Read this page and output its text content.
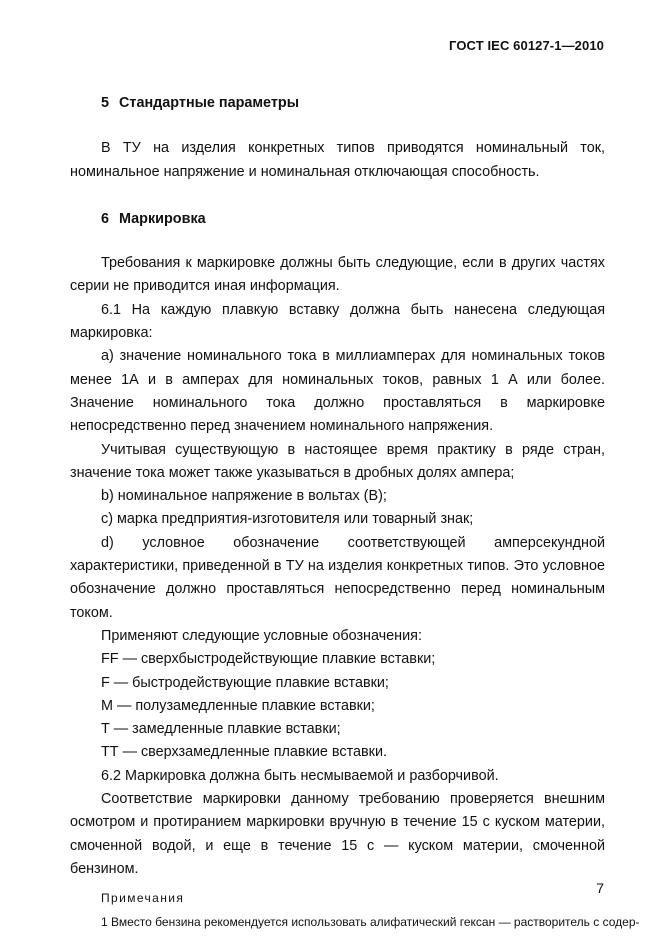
ГОСТ IEC 60127-1—2010
5 Стандартные параметры

В ТУ на изделия конкретных типов приводятся номинальный ток, номинальное напряжение и номинальная отключающая способность.

6 Маркировка

Требования к маркировке должны быть следующие, если в других частях серии не приводится иная информация.

6.1 На каждую плавкую вставку должна быть нанесена следующая маркировка:

а) значение номинального тока в миллиамперах для номинальных токов менее 1А и в амперах для номинальных токов, равных 1 А или более. Значение номинального тока должно проставляться в маркировке непосредственно перед значением номинального напряжения.

Учитывая существующую в настоящее время практику в ряде стран, значение тока может также указываться в дробных долях ампера;

b) номинальное напряжение в вольтах (В);

с) марка предприятия-изготовителя или товарный знак;

d) условное обозначение соответствующей амперсекундной характеристики, приведенной в ТУ на изделия конкретных типов. Это условное обозначение должно проставляться непосредственно перед номинальным током.

Применяют следующие условные обозначения:

FF — сверхбыстродействующие плавкие вставки;

F — быстродействующие плавкие вставки;

М — полузамедленные плавкие вставки;

Т — замедленные плавкие вставки;

ТТ — сверхзамедленные плавкие вставки.

6.2 Маркировка должна быть несмываемой и разборчивой.

Соответствие маркировки данному требованию проверяется внешним осмотром и протиранием маркировки вручную в течение 15 с куском материи, смоченной водой, и еще в течение 15 с — куском материи, смоченной бензином.

Примечания
1 Вместо бензина рекомендуется использовать алифатический гексан — растворитель с содер-
7
